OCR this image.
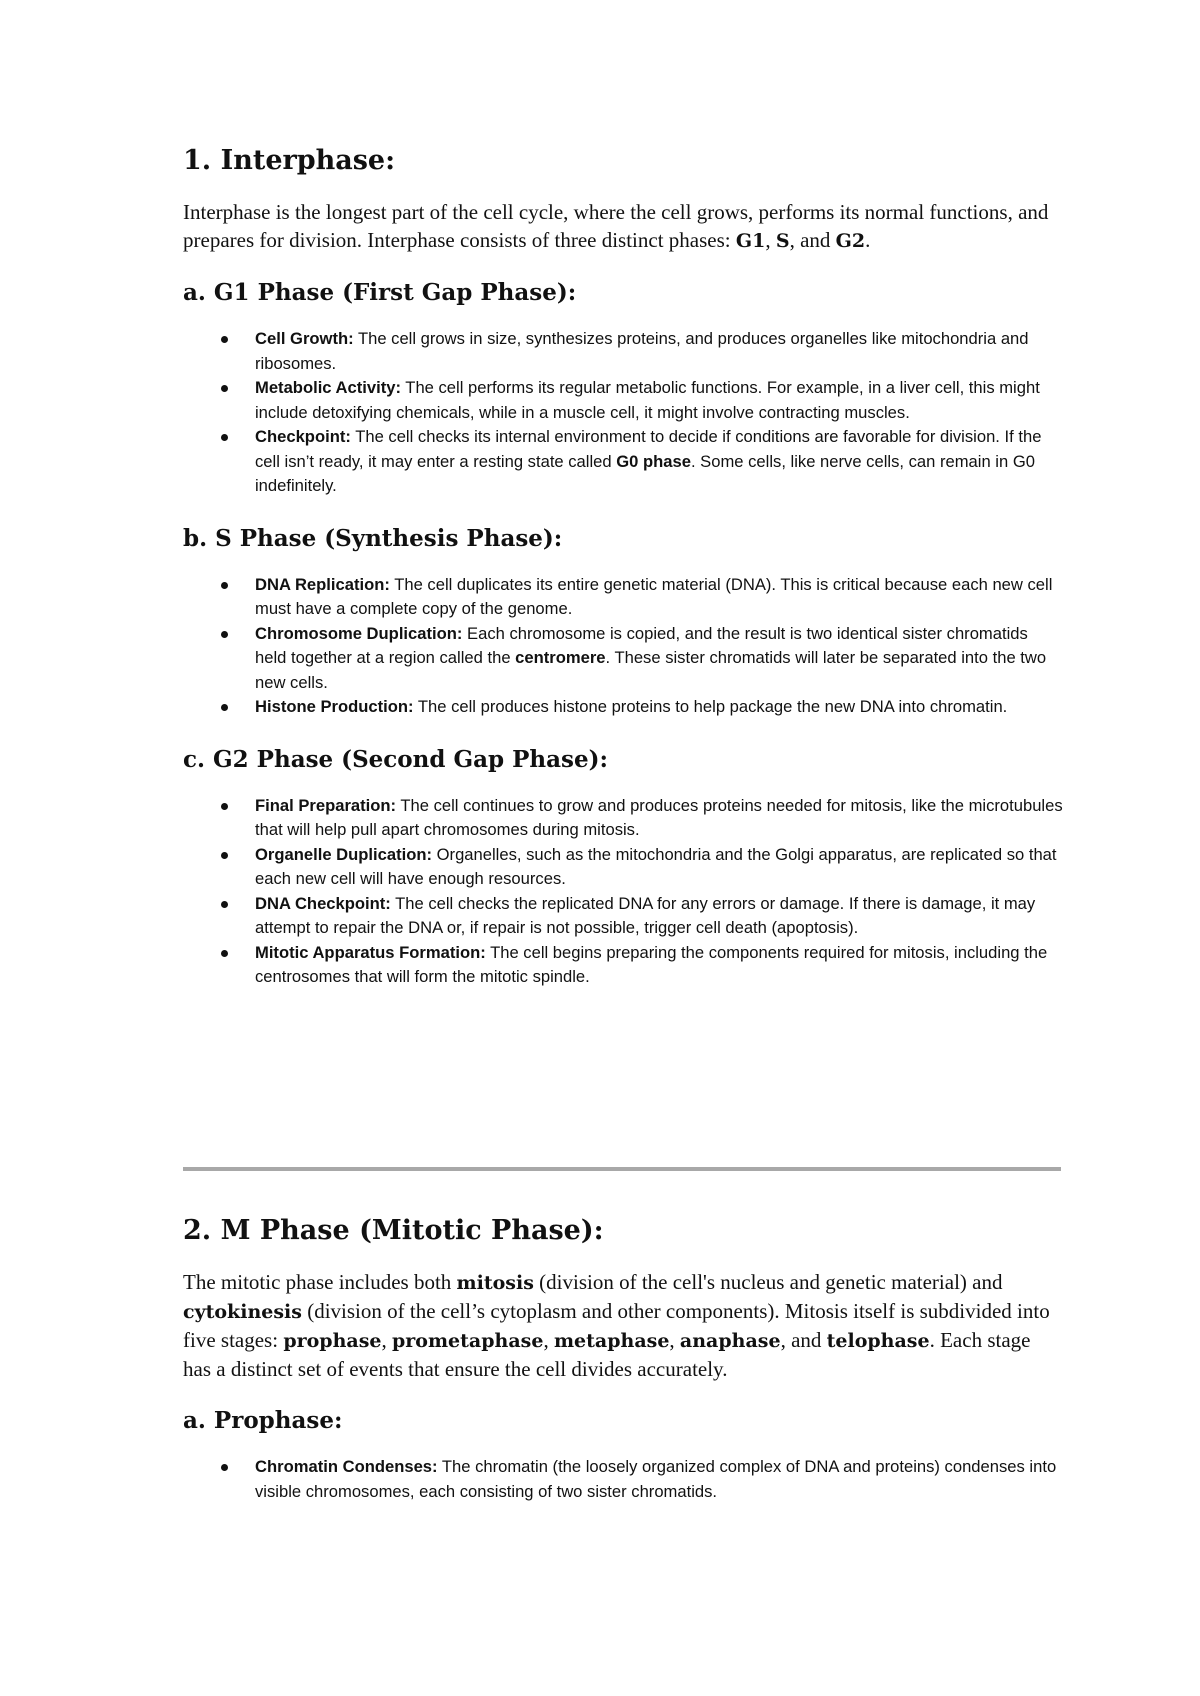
1. Interphase:

Interphase is the longest part of the cell cycle, where the cell grows, performs its normal functions, and prepares for division. Interphase consists of three distinct phases: G1, S, and G2.

a. G1 Phase (First Gap Phase):
Cell Growth: The cell grows in size, synthesizes proteins, and produces organelles like mitochondria and ribosomes.
Metabolic Activity: The cell performs its regular metabolic functions. For example, in a liver cell, this might include detoxifying chemicals, while in a muscle cell, it might involve contracting muscles.
Checkpoint: The cell checks its internal environment to decide if conditions are favorable for division. If the cell isn’t ready, it may enter a resting state called G0 phase. Some cells, like nerve cells, can remain in G0 indefinitely.
b. S Phase (Synthesis Phase):
DNA Replication: The cell duplicates its entire genetic material (DNA). This is critical because each new cell must have a complete copy of the genome.
Chromosome Duplication: Each chromosome is copied, and the result is two identical sister chromatids held together at a region called the centromere. These sister chromatids will later be separated into the two new cells.
Histone Production: The cell produces histone proteins to help package the new DNA into chromatin.
c. G2 Phase (Second Gap Phase):
Final Preparation: The cell continues to grow and produces proteins needed for mitosis, like the microtubules that will help pull apart chromosomes during mitosis.
Organelle Duplication: Organelles, such as the mitochondria and the Golgi apparatus, are replicated so that each new cell will have enough resources.
DNA Checkpoint: The cell checks the replicated DNA for any errors or damage. If there is damage, it may attempt to repair the DNA or, if repair is not possible, trigger cell death (apoptosis).
Mitotic Apparatus Formation: The cell begins preparing the components required for mitosis, including the centrosomes that will form the mitotic spindle.
2. M Phase (Mitotic Phase):

The mitotic phase includes both mitosis (division of the cell's nucleus and genetic material) and cytokinesis (division of the cell’s cytoplasm and other components). Mitosis itself is subdivided into five stages: prophase, prometaphase, metaphase, anaphase, and telophase. Each stage has a distinct set of events that ensure the cell divides accurately.

a. Prophase:
Chromatin Condenses: The chromatin (the loosely organized complex of DNA and proteins) condenses into visible chromosomes, each consisting of two sister chromatids.
